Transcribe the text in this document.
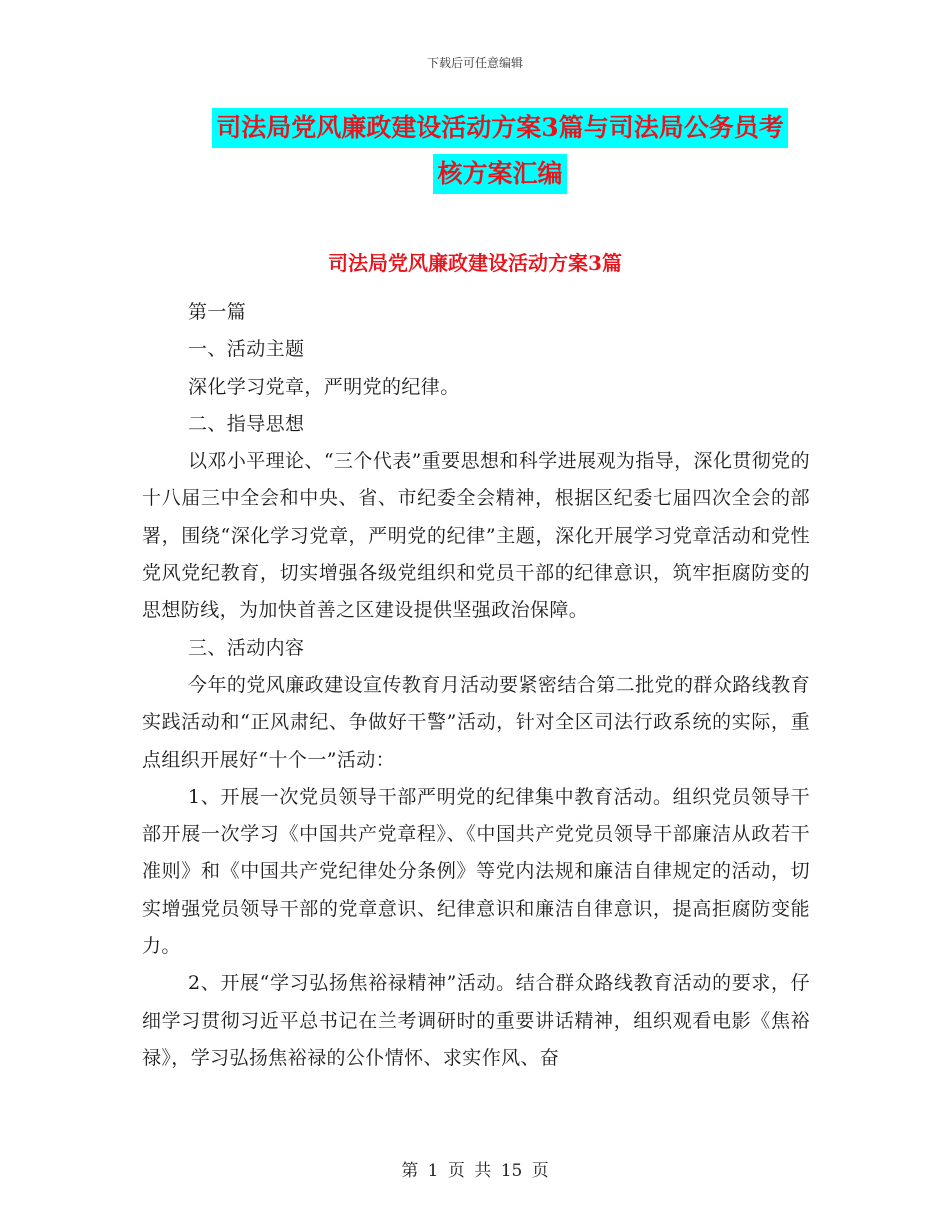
下载后可任意编辑
司法局党风廉政建设活动方案3篇与司法局公务员考
核方案汇编
司法局党风廉政建设活动方案3篇

第一篇

一、活动主题

深化学习党章，严明党的纪律。

二、指导思想

以邓小平理论、“三个代表”重要思想和科学进展观为指导，深化贯彻党的十八届三中全会和中央、省、市纪委全会精神，根据区纪委七届四次全会的部署，围绕“深化学习党章，严明党的纪律”主题，深化开展学习党章活动和党性党风党纪教育，切实增强各级党组织和党员干部的纪律意识，筑牢拒腐防变的思想防线，为加快首善之区建设提供坚强政治保障。

三、活动内容

今年的党风廉政建设宣传教育月活动要紧密结合第二批党的群众路线教育实践活动和“正风肃纪、争做好干警”活动，针对全区司法行政系统的实际，重点组织开展好“十个一”活动：

1、开展一次党员领导干部严明党的纪律集中教育活动。组织党员领导干部开展一次学习《中国共产党章程》、《中国共产党党员领导干部廉洁从政若干准则》和《中国共产党纪律处分条例》等党内法规和廉洁自律规定的活动，切实增强党员领导干部的党章意识、纪律意识和廉洁自律意识，提高拒腐防变能力。

2、开展“学习弘扬焦裕禄精神”活动。结合群众路线教育活动的要求，仔细学习贯彻习近平总书记在兰考调研时的重要讲话精神，组织观看电影《焦裕禄》，学习弘扬焦裕禄的公仆情怀、求实作风、奋

第 1 页 共 15 页
